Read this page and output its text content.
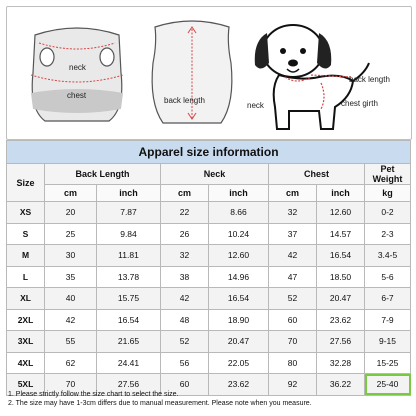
neck
chest
back length
back length
neck	chest girth
Apparel size information							
Size	Back Length		Neck		Chest		Pet Weight
	cm	inch	cm	inch	cm	inch	kg
XS	20	7.87	22	8.66	32	12.60	0-2
S	25	9.84	26	10.24	37	14.57	2-3
M	30	11.81	32	12.60	42	16.54	3.4-5
L	35	13.78	38	14.96	47	18.50	5-6
XL	40	15.75	42	16.54	52	20.47	6-7
2XL	42	16.54	48	18.90	60	23.62	7-9
3XL	55	21.65	52	20.47	70	27.56	9-15
4XL	62	24.41	56	22.05	80	32.28	15-25
5XL	70	27.56	60	23.62	92	36.22	25-40
1. Please strictly follow the size chart to select the size.
2. The size may have 1-3cm differs due to manual measurement. Please note when you measure.
